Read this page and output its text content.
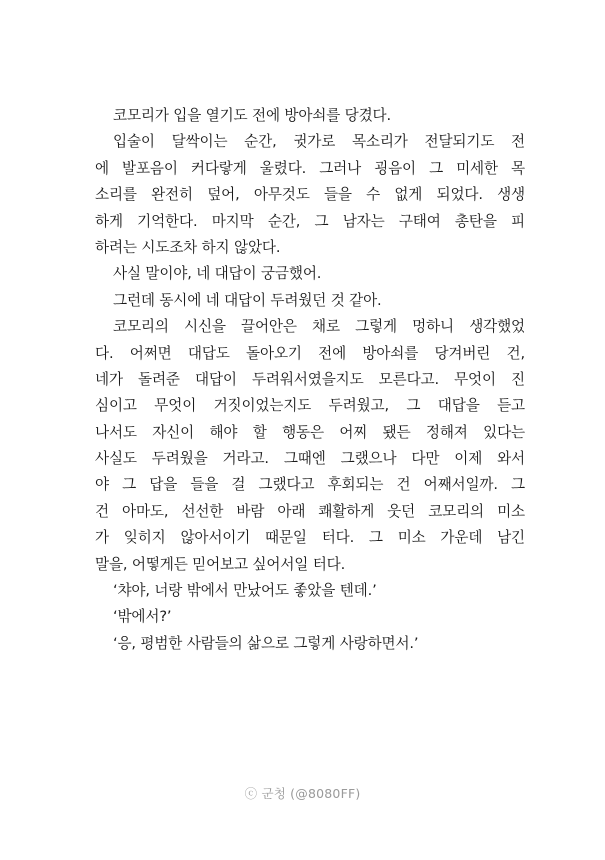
코모리가 입을 열기도 전에 방아쇠를 당겼다.
입술이 달싹이는 순간, 귓가로 목소리가 전달되기도 전
에 발포음이 커다랗게 울렸다. 그러나 굉음이 그 미세한 목
소리를 완전히 덮어, 아무것도 들을 수 없게 되었다. 생생
하게 기억한다. 마지막 순간, 그 남자는 구태여 총탄을 피
하려는 시도조차 하지 않았다.
사실 말이야, 네 대답이 궁금했어.
그런데 동시에 네 대답이 두려웠던 것 같아.
코모리의 시신을 끌어안은 채로 그렇게 멍하니 생각했었
다. 어쩌면 대답도 돌아오기 전에 방아쇠를 당겨버린 건,
네가 돌려준 대답이 두려워서였을지도 모른다고. 무엇이 진
심이고 무엇이 거짓이었는지도 두려웠고, 그 대답을 듣고
나서도 자신이 해야 할 행동은 어찌 됐든 정해져 있다는
사실도 두려웠을 거라고. 그때엔 그랬으나 다만 이제 와서
야 그 답을 들을 걸 그랬다고 후회되는 건 어째서일까. 그
건 아마도, 선선한 바람 아래 쾌활하게 웃던 코모리의 미소
가 잊히지 않아서이기 때문일 터다. 그 미소 가운데 남긴
말을, 어떻게든 믿어보고 싶어서일 터다.
‘챠야, 너랑 밖에서 만났어도 좋았을 텐데.’
‘밖에서?’
‘응, 평범한 사람들의 삶으로 그렇게 사랑하면서.’
ⓒ 군청 (@8080FF)
